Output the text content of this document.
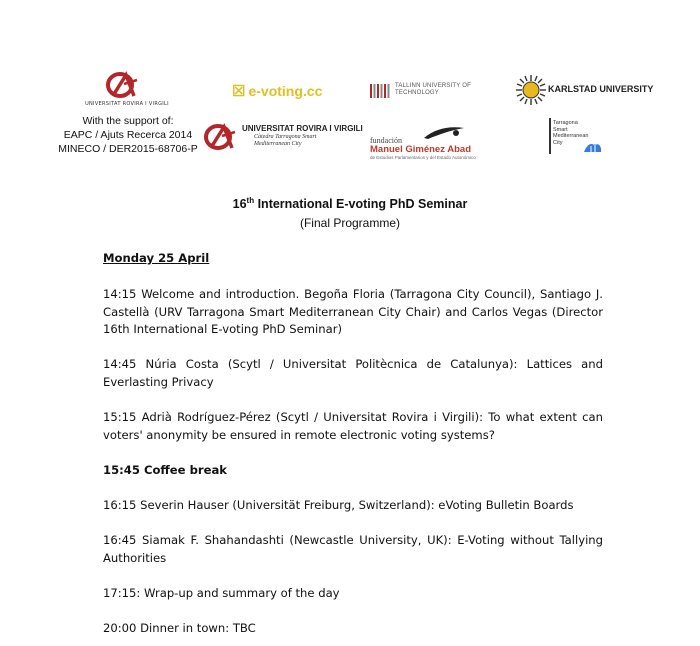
UNIVERSITAT ROVIRA I VIRGILI
With the support of:
EAPC / Ajuts Recerca 2014
MINECO / DER2015-68706-P
☒ e-voting.cc	TALLINN UNIVERSITY OF
TECHNOLOGY	KARLSTAD UNIVERSITY
UNIVERSITAT ROVIRA I VIRGILI
Càtedra Tarragona Smart
Mediterranean City	fundación
Manuel Giménez Abad
de Estudios Parlamentarios y del Estado Autonómico
Tarragona
Smart
Mediterranean
City
16th International E-voting PhD Seminar
(Final Programme)
Monday 25 April
14:15 Welcome and introduction. Begoña Floria (Tarragona City Council), Santiago J. Castellà (URV Tarragona Smart Mediterranean City Chair) and Carlos Vegas (Director 16th International E-voting PhD Seminar)
14:45 Núria Costa (Scytl / Universitat Politècnica de Catalunya): Lattices and Everlasting Privacy
15:15 Adrià Rodríguez-Pérez (Scytl / Universitat Rovira i Virgili): To what extent can voters' anonymity be ensured in remote electronic voting systems?
15:45 Coffee break
16:15 Severin Hauser (Universität Freiburg, Switzerland): eVoting Bulletin Boards
16:45 Siamak F. Shahandashti (Newcastle University, UK): E-Voting without Tallying Authorities
17:15: Wrap-up and summary of the day
20:00 Dinner in town: TBC
